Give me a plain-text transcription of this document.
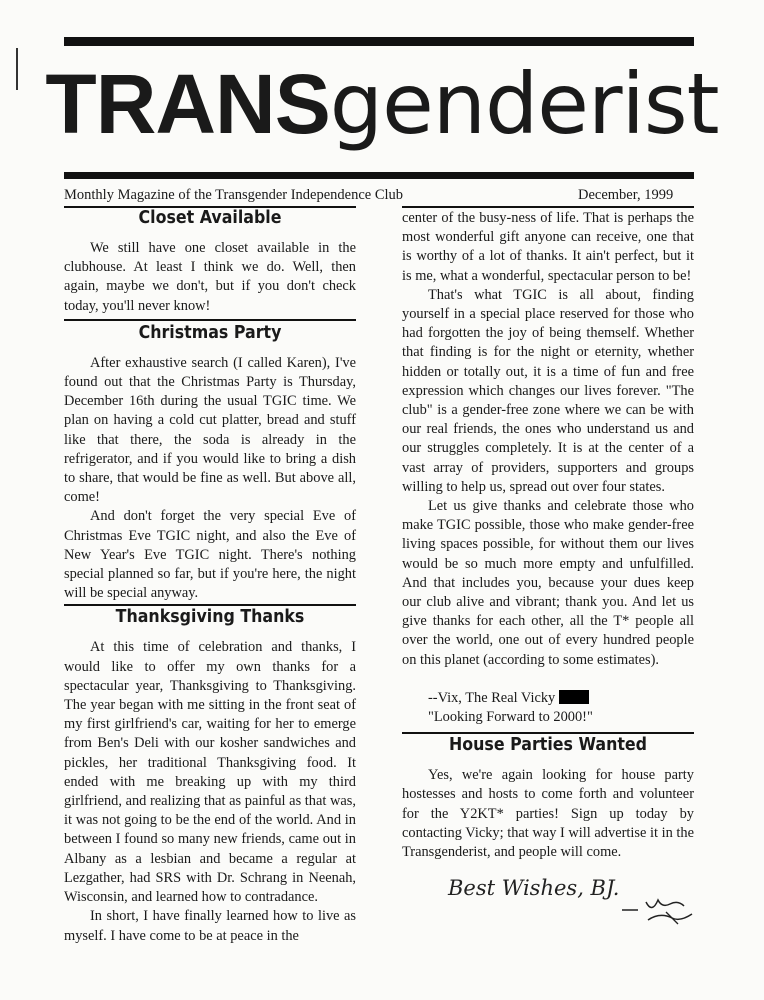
TRANSgenderist
Monthly Magazine of the Transgender Independence Club	December, 1999
Closet Available

We still have one closet available in the clubhouse. At least I think we do. Well, then again, maybe we don't, but if you don't check today, you'll never know!

Christmas Party

After exhaustive search (I called Karen), I've found out that the Christmas Party is Thursday, December 16th during the usual TGIC time. We plan on having a cold cut platter, bread and stuff like that there, the soda is already in the refrigerator, and if you would like to bring a dish to share, that would be fine as well. But above all, come!

And don't forget the very special Eve of Christmas Eve TGIC night, and also the Eve of New Year's Eve TGIC night. There's nothing special planned so far, but if you're here, the night will be special anyway.

Thanksgiving Thanks

At this time of celebration and thanks, I would like to offer my own thanks for a spectacular year, Thanksgiving to Thanksgiving. The year began with me sitting in the front seat of my first girlfriend's car, waiting for her to emerge from Ben's Deli with our kosher sandwiches and pickles, her traditional Thanksgiving food. It ended with me breaking up with my third girlfriend, and realizing that as painful as that was, it was not going to be the end of the world. And in between I found so many new friends, came out in Albany as a lesbian and became a regular at Lezgather, had SRS with Dr. Schrang in Neenah, Wisconsin, and learned how to contradance.

In short, I have finally learned how to live as myself. I have come to be at peace in the

center of the busy-ness of life. That is perhaps the most wonderful gift anyone can receive, one that is worthy of a lot of thanks. It ain't perfect, but it is me, what a wonderful, spectacular person to be!

That's what TGIC is all about, finding yourself in a special place reserved for those who had forgotten the joy of being themself. Whether that finding is for the night or eternity, whether hidden or totally out, it is a time of fun and free expression which changes our lives forever. "The club" is a gender-free zone where we can be with our real friends, the ones who understand us and our struggles completely. It is at the center of a vast array of providers, supporters and groups willing to help us, spread out over four states.

Let us give thanks and celebrate those who make TGIC possible, those who make gender-free living spaces possible, for without them our lives would be so much more empty and unfulfilled. And that includes you, because your dues keep our club alive and vibrant; thank you. And let us give thanks for each other, all the T* people all over the world, one out of every hundred people on this planet (according to some estimates).

--Vix, The Real Vicky

"Looking Forward to 2000!"

House Parties Wanted

Yes, we're again looking for house party hostesses and hosts to come forth and volunteer for the Y2KT* parties! Sign up today by contacting Vicky; that way I will advertise it in the Transgenderist, and people will come.

Best Wishes, BJ.
